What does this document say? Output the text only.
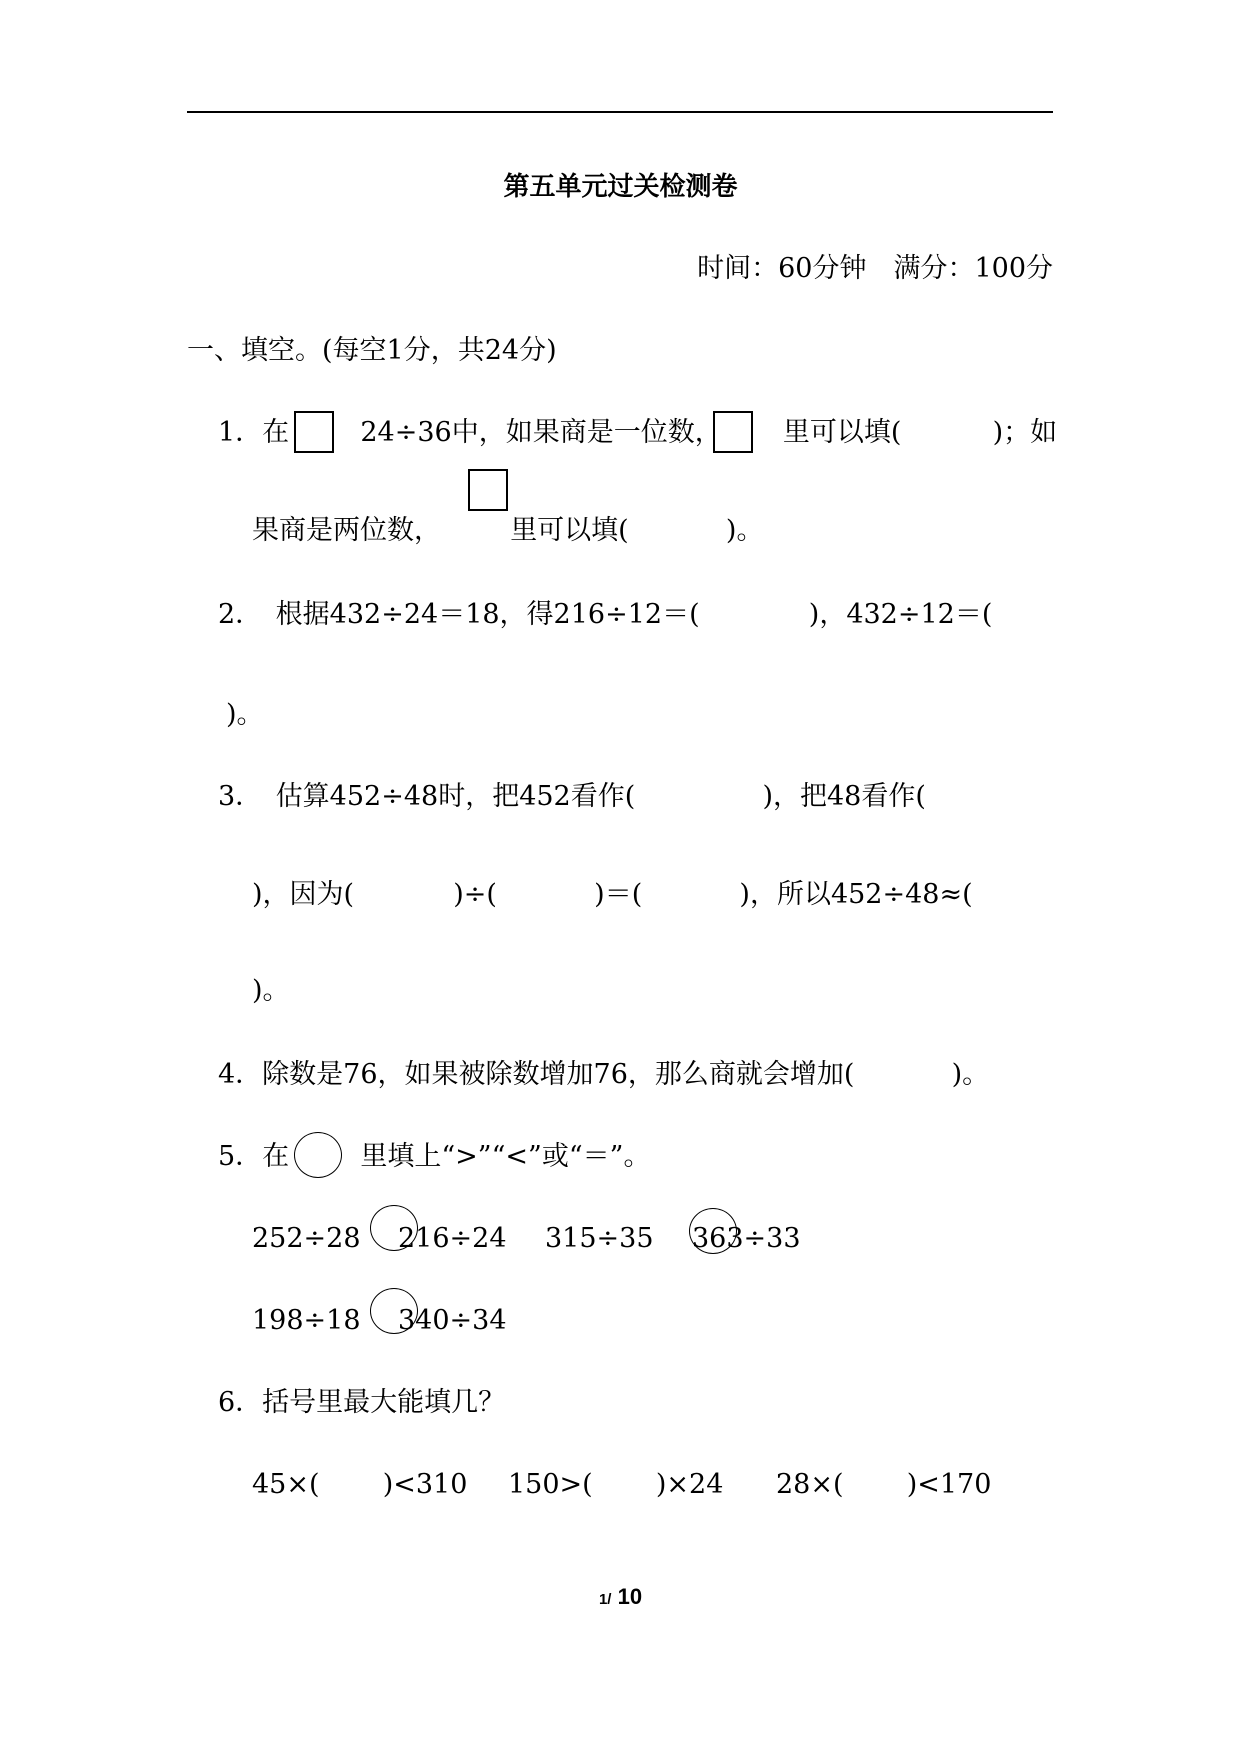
第五单元过关检测卷
时间：60分钟　满分：100分
一、填空。(每空1分，共24分)
1．在	24÷36中，如果商是一位数， 里可以填(	)；如
果商是两位数，	里可以填(	)。
2．　根据432÷24＝18，得216÷12＝(	)，432÷12＝(
)。
3．　估算452÷48时，把452看作(	)，把48看作(
)，因为(	)÷(	)＝(	)，所以452÷48≈(
)。
4．除数是76，如果被除数增加76，那么商就会增加(	)。
5．在	里填上“>”“<”或“＝”。
252÷28 216÷24 315÷35 363÷33
198÷18 340÷34
6．括号里最大能填几？
45×( )<310 150>( )×24 28×( )<170
1/ 10
